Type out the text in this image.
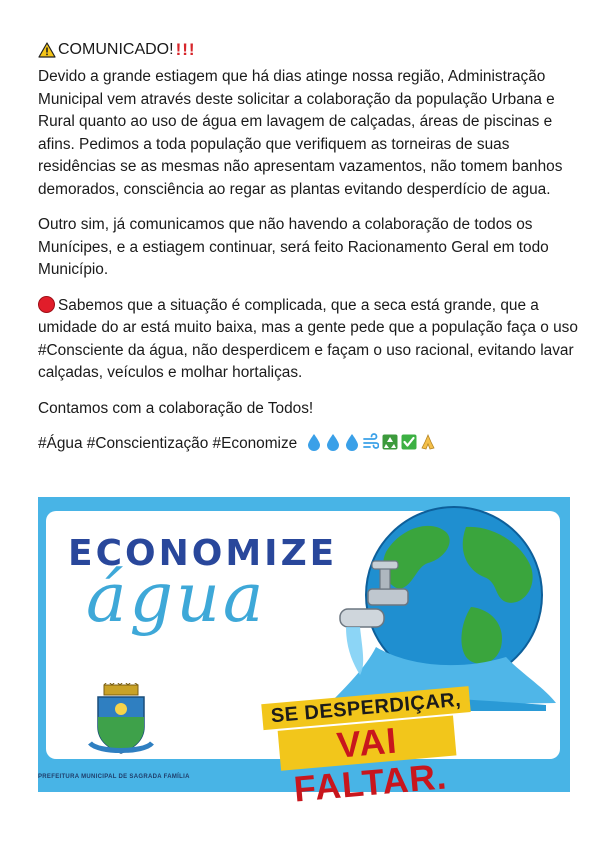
COMUNICADO! !!!

Devido a grande estiagem que há dias atinge nossa região, Administração Municipal vem através deste solicitar a colaboração da população Urbana e Rural quanto ao uso de água em lavagem de calçadas, áreas de piscinas e afins. Pedimos a toda população que verifiquem as torneiras de suas residências se as mesmas não apresentam vazamentos, não tomem banhos demorados, consciência ao regar as plantas evitando desperdício de agua.

Outro sim, já comunicamos que não havendo a colaboração de todos os Munícipes, e a estiagem continuar, será feito Racionamento Geral em todo Município.

Sabemos que a situação é complicada, que a seca está grande, que a umidade do ar está muito baixa, mas a gente pede que a população faça o uso #Consciente da água, não desperdicem e façam o uso racional, evitando lavar calçadas, veículos e molhar hortaliças.

Contamos com a colaboração de Todos!

#Água #Conscientização #Economize

ECONOMIZE
água
PREFEITURA MUNICIPAL DE SAGRADA FAMÍLIA
SE DESPERDIÇAR,
VAI FALTAR.
